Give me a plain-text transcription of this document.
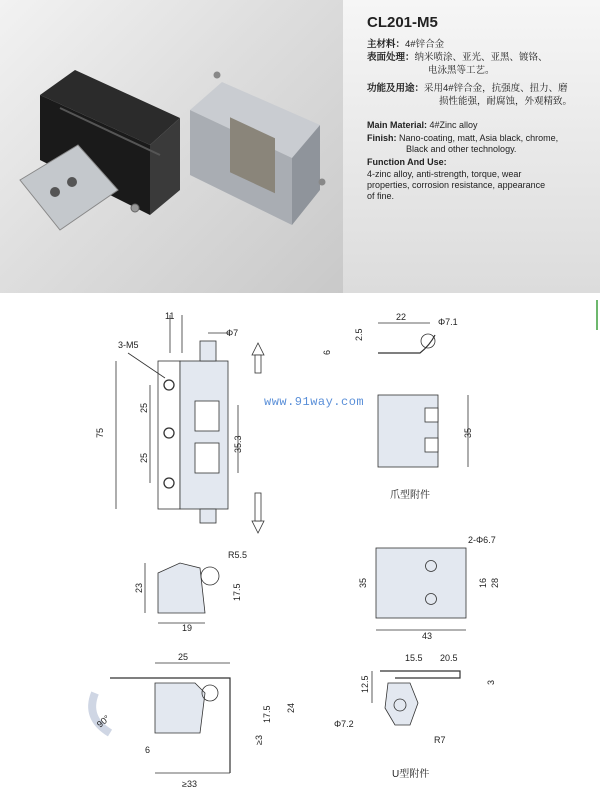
CL201-M5
主材料：4#锌合金
表面处理：纳米喷涂、亚光、亚黑、镀铬、
电泳黑等工艺。
功能及用途：采用4#锌合金，抗强度、扭力、磨
损性能强，耐腐蚀，外观精致。
Main Material: 4#Zinc alloy
Finish: Nano-coating, matt, Asia black, chrome,
Black and other technology.
Function And Use:
4-zinc alloy, anti-strength, torque, wear
properties, corrosion resistance, appearance
of fine.
11
Φ7
3-M5
75
25
25
35.3
22	Φ7.1
2.5
6
35
爪型附件
R5.5
23	17.5
19
2-Φ6.7
35	16 28
43
25
17.5 24
≥3
6
≥33
90°
15.5 20.5
12.5	3
Φ7.2
R7
U型附件
www.91way.com
